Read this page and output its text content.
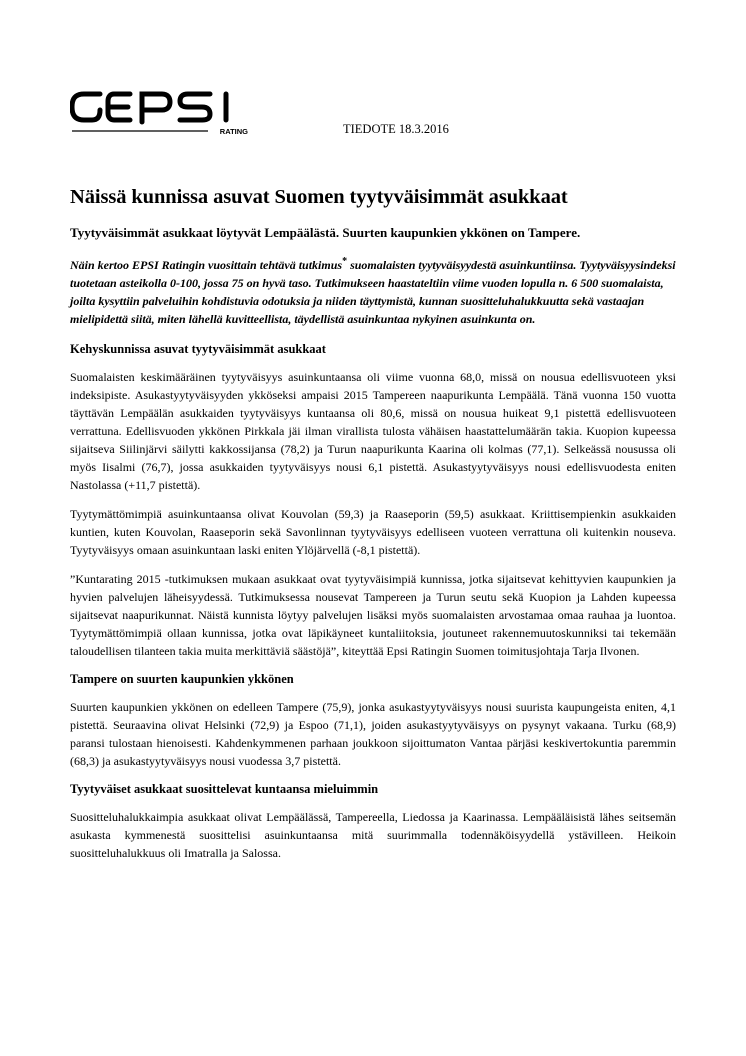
RATING	TIEDOTE 18.3.2016
Näissä kunnissa asuvat Suomen tyytyväisimmät asukkaat
Tyytyväisimmät asukkaat löytyvät Lempäälästä. Suurten kaupunkien ykkönen on Tampere.
Näin kertoo EPSI Ratingin vuosittain tehtävä tutkimus* suomalaisten tyytyväisyydestä asuinkuntiinsa. Tyytyväisyysindeksi tuotetaan asteikolla 0-100, jossa 75 on hyvä taso. Tutkimukseen haastateltiin viime vuoden lopulla n. 6 500 suomalaista, joilta kysyttiin palveluihin kohdistuvia odotuksia ja niiden täyttymistä, kunnan suositteluhalukkuutta sekä vastaajan mielipidettä siitä, miten lähellä kuvitteellista, täydellistä asuinkuntaa nykyinen asuinkunta on.
Kehyskunnissa asuvat tyytyväisimmät asukkaat

Suomalaisten keskimääräinen tyytyväisyys asuinkuntaansa oli viime vuonna 68,0, missä on nousua edellisvuoteen yksi indeksipiste. Asukastyytyväisyyden ykköseksi ampaisi 2015 Tampereen naapurikunta Lempäälä. Tänä vuonna 150 vuotta täyttävän Lempäälän asukkaiden tyytyväisyys kuntaansa oli 80,6, missä on nousua huikeat 9,1 pistettä edellisvuoteen verrattuna. Edellisvuoden ykkönen Pirkkala jäi ilman virallista tulosta vähäisen haastattelumäärän takia. Kuopion kupeessa sijaitseva Siilinjärvi säilytti kakkossijansa (78,2) ja Turun naapurikunta Kaarina oli kolmas (77,1). Selkeässä nousussa oli myös Iisalmi (76,7), jossa asukkaiden tyytyväisyys nousi 6,1 pistettä. Asukastyytyväisyys nousi edellisvuodesta eniten Nastolassa (+11,7 pistettä).

Tyytymättömimpiä asuinkuntaansa olivat Kouvolan (59,3) ja Raaseporin (59,5) asukkaat. Kriittisempienkin asukkaiden kuntien, kuten Kouvolan, Raaseporin sekä Savonlinnan tyytyväisyys edelliseen vuoteen verrattuna oli kuitenkin nouseva. Tyytyväisyys omaan asuinkuntaan laski eniten Ylöjärvellä (-8,1 pistettä).

”Kuntarating 2015 -tutkimuksen mukaan asukkaat ovat tyytyväisimpiä kunnissa, jotka sijaitsevat kehittyvien kaupunkien ja hyvien palvelujen läheisyydessä. Tutkimuksessa nousevat Tampereen ja Turun seutu sekä Kuopion ja Lahden kupeessa sijaitsevat naapurikunnat. Näistä kunnista löytyy palvelujen lisäksi myös suomalaisten arvostamaa omaa rauhaa ja luontoa. Tyytymättömimpiä ollaan kunnissa, jotka ovat läpikäyneet kuntaliitoksia, joutuneet rakennemuutoskunniksi tai tekemään taloudellisen tilanteen takia muita merkittäviä säästöjä”, kiteyttää Epsi Ratingin Suomen toimitusjohtaja Tarja Ilvonen.

Tampere on suurten kaupunkien ykkönen

Suurten kaupunkien ykkönen on edelleen Tampere (75,9), jonka asukastyytyväisyys nousi suurista kaupungeista eniten, 4,1 pistettä. Seuraavina olivat Helsinki (72,9) ja Espoo (71,1), joiden asukastyytyväisyys on pysynyt vakaana. Turku (68,9) paransi tulostaan hienoisesti. Kahdenkymmenen parhaan joukkoon sijoittumaton Vantaa pärjäsi keskivertokuntia paremmin (68,3) ja asukastyytyväisyys nousi vuodessa 3,7 pistettä.

Tyytyväiset asukkaat suosittelevat kuntaansa mieluimmin

Suositteluhalukkaimpia asukkaat olivat Lempäälässä, Tampereella, Liedossa ja Kaarinassa. Lempääläisistä lähes seitsemän asukasta kymmenestä suosittelisi asuinkuntaansa mitä suurimmalla todennäköisyydellä ystävilleen. Heikoin suositteluhalukkuus oli Imatralla ja Salossa.
